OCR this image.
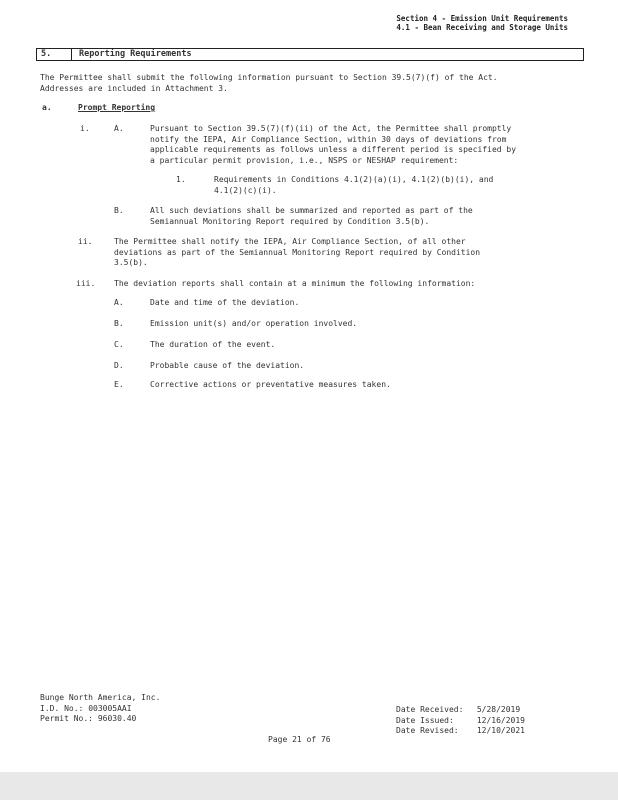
Section 4 - Emission Unit Requirements
4.1 - Bean Receiving and Storage Units
5.	Reporting Requirements
The Permittee shall submit the following information pursuant to Section 39.5(7)(f) of the Act.
Addresses are included in Attachment 3.
a.	Prompt Reporting
i.	A.	Pursuant to Section 39.5(7)(f)(ii) of the Act, the Permittee shall promptly
notify the IEPA, Air Compliance Section, within 30 days of deviations from
applicable requirements as follows unless a different period is specified by
a particular permit provision, i.e., NSPS or NESHAP requirement:
1.	Requirements in Conditions 4.1(2)(a)(i), 4.1(2)(b)(i), and
4.1(2)(c)(i).
B.	All such deviations shall be summarized and reported as part of the
Semiannual Monitoring Report required by Condition 3.5(b).
ii.	The Permittee shall notify the IEPA, Air Compliance Section, of all other
deviations as part of the Semiannual Monitoring Report required by Condition
3.5(b).
iii. The deviation reports shall contain at a minimum the following information:
A.	Date and time of the deviation.
B.	Emission unit(s) and/or operation involved.
C.	The duration of the event.
D.	Probable cause of the deviation.
E.	Corrective actions or preventative measures taken.
Bunge North America, Inc.
I.D. No.: 003005AAI
Permit No.: 96030.40
Date Received: 5/28/2019
Date Issued:	12/16/2019
Date Revised: 12/10/2021
Page 21 of 76
